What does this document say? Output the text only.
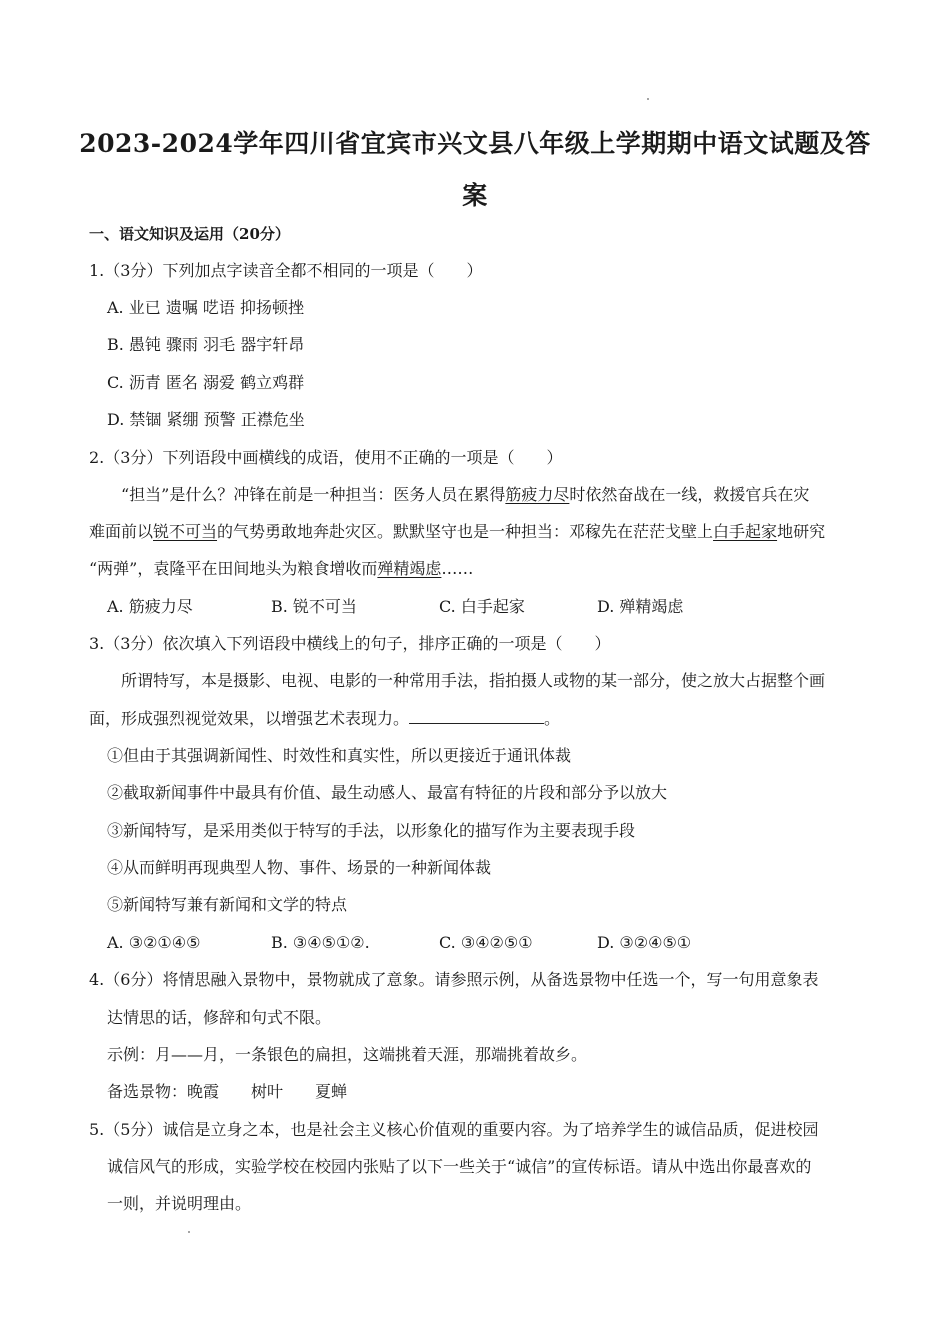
2023-2024学年四川省宜宾市兴文县八年级上学期期中语文试题及答
案
一、语文知识及运用（20分）
1.（3分）下列加点字读音全都不相同的一项是（　　）
A. 业已 遗嘱 呓语 抑扬顿挫
B. 愚钝 骤雨 羽毛 器宇轩昂
C. 沥青 匿名 溺爱 鹤立鸡群
D. 禁锢 紧绷 预警 正襟危坐
2.（3分）下列语段中画横线的成语，使用不正确的一项是（　　）
“担当”是什么？冲锋在前是一种担当：医务人员在累得筋疲力尽时依然奋战在一线，救援官兵在灾
难面前以锐不可当的气势勇敢地奔赴灾区。默默坚守也是一种担当：邓稼先在茫茫戈壁上白手起家地研究
“两弹”，袁隆平在田间地头为粮食增收而殚精竭虑……
A. 筋疲力尽	B. 锐不可当	C. 白手起家	D. 殚精竭虑
3.（3分）依次填入下列语段中横线上的句子，排序正确的一项是（　　）
所谓特写，本是摄影、电视、电影的一种常用手法，指拍摄人或物的某一部分，使之放大占据整个画
面，形成强烈视觉效果，以增强艺术表现力。	。
①但由于其强调新闻性、时效性和真实性，所以更接近于通讯体裁
②截取新闻事件中最具有价值、最生动感人、最富有特征的片段和部分予以放大
③新闻特写，是采用类似于特写的手法，以形象化的描写作为主要表现手段
④从而鲜明再现典型人物、事件、场景的一种新闻体裁
⑤新闻特写兼有新闻和文学的特点
A. ③②①④⑤	B. ③④⑤①②.	C. ③④②⑤①	D. ③②④⑤①
4.（6分）将情思融入景物中，景物就成了意象。请参照示例，从备选景物中任选一个，写一句用意象表
达情思的话，修辞和句式不限。
示例：月——月，一条银色的扁担，这端挑着天涯，那端挑着故乡。
备选景物：晚霞　　树叶　　夏蝉
5.（5分）诚信是立身之本，也是社会主义核心价值观的重要内容。为了培养学生的诚信品质，促进校园
诚信风气的形成，实验学校在校园内张贴了以下一些关于“诚信”的宣传标语。请从中选出你最喜欢的
一则，并说明理由。
